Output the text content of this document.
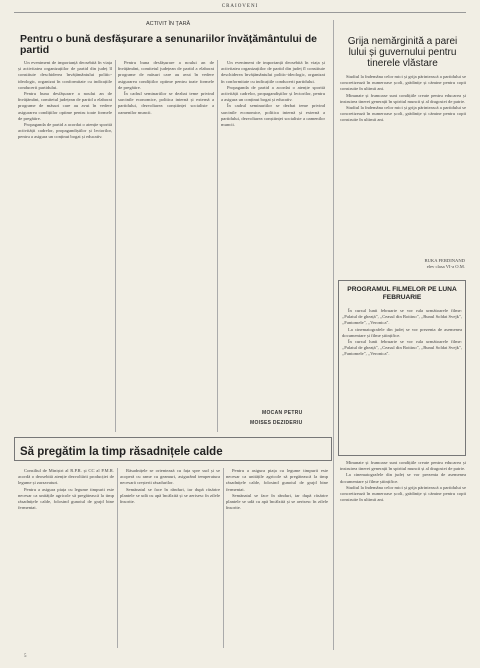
CRAIOVENI
ACTIVIT ÎN ȚARĂ
Pentru o bună desfășurare a senunariilor învățământului de partid

Un eveniment de importanță deosebită în viața și activitatea organizațiilor de partid din județ îl constituie deschiderea învățământului politic-ideologic, organizat în conformitate cu indicațiile conducerii partidului.

Pentru buna desfășurare a noului an de învățământ, comitetul județean de partid a elaborat programe de măsuri care au avut în vedere asigurarea condițiilor optime pentru toate formele de pregătire.

Propaganda de partid a acordat o atenție sporită activității cadrelor, propagandiștilor și lectorilor, pentru a asigura un conținut bogat și educativ.

Pentru buna desfășurare a noului an de învățământ, comitetul județean de partid a elaborat programe de măsuri care au avut în vedere asigurarea condițiilor optime pentru toate formele de pregătire.

În cadrul seminariilor se dezbat teme privind sarcinile economice, politica internă și externă a partidului, dezvoltarea conștiinței socialiste a oamenilor muncii.

Un eveniment de importanță deosebită în viața și activitatea organizațiilor de partid din județ îl constituie deschiderea învățământului politic-ideologic, organizat în conformitate cu indicațiile conducerii partidului.

Propaganda de partid a acordat o atenție sporită activității cadrelor, propagandiștilor și lectorilor, pentru a asigura un conținut bogat și educativ.

În cadrul seminariilor se dezbat teme privind sarcinile economice, politica internă și externă a partidului, dezvoltarea conștiinței socialiste a oamenilor muncii.

MOCAN PETRU
MOISES DEZIDERIU
Grija nemărginită a parei lului și guvernului pentru tinerele vlăstare

Studiul la îndemâna celor mici și grija părintească a partidului se concretizează în numeroase școli, grădinițe și cămine pentru copii construite în ultimii ani.

Minunate și frumoase sunt condițiile create pentru educarea și instruirea tinerei generații în spiritul muncii și al dragostei de patrie.

Studiul la îndemâna celor mici și grija părintească a partidului se concretizează în numeroase școli, grădinițe și cămine pentru copii construite în ultimii ani.

BUKA FERDINAND
elev clasa VI-a O.M.
PROGRAMUL FILMELOR PE LUNA FEBRUARIE

În cursul lunii februarie se vor rula următoarele filme: ,,Palatul de gheață", ,,Ceasul din Boitino", ,,Bunul Soldat Svejk", ,,Fantomele", ,,Veronica".

La cinematografele din județ se vor prezenta de asemenea documentare și filme științifice.

În cursul lunii februarie se vor rula următoarele filme: ,,Palatul de gheață", ,,Ceasul din Boitino", ,,Bunul Soldat Svejk", ,,Fantomele", ,,Veronica".

Minunate și frumoase sunt condițiile create pentru educarea și instruirea tinerei generații în spiritul muncii și al dragostei de patrie.

La cinematografele din județ se vor prezenta de asemenea documentare și filme științifice.

Studiul la îndemâna celor mici și grija părintească a partidului se concretizează în numeroase școli, grădinițe și cămine pentru copii construite în ultimii ani.

Să pregătim la timp răsadnițele calde

Consiliul de Miniștri al R.P.R. și CC al P.M.R. acordă o deosebită atenție dezvoltării producției de legume și zarzavaturi.

Pentru a asigura piața cu legume timpurii este necesar ca unitățile agricole să pregătească la timp răsadnițele calde, folosind gunoiul de grajd bine fermentat.

Răsadnițele se orientează cu fața spre sud și se acoperă cu rame cu geamuri, asigurând temperatura necesară creșterii răsadurilor.

Semănatul se face în rânduri, iar după răsărire plantele se udă cu apă încălzită și se aerisesc în zilele însorite.

Pentru a asigura piața cu legume timpurii este necesar ca unitățile agricole să pregătească la timp răsadnițele calde, folosind gunoiul de grajd bine fermentat.

Semănatul se face în rânduri, iar după răsărire plantele se udă cu apă încălzită și se aerisesc în zilele însorite.

5
